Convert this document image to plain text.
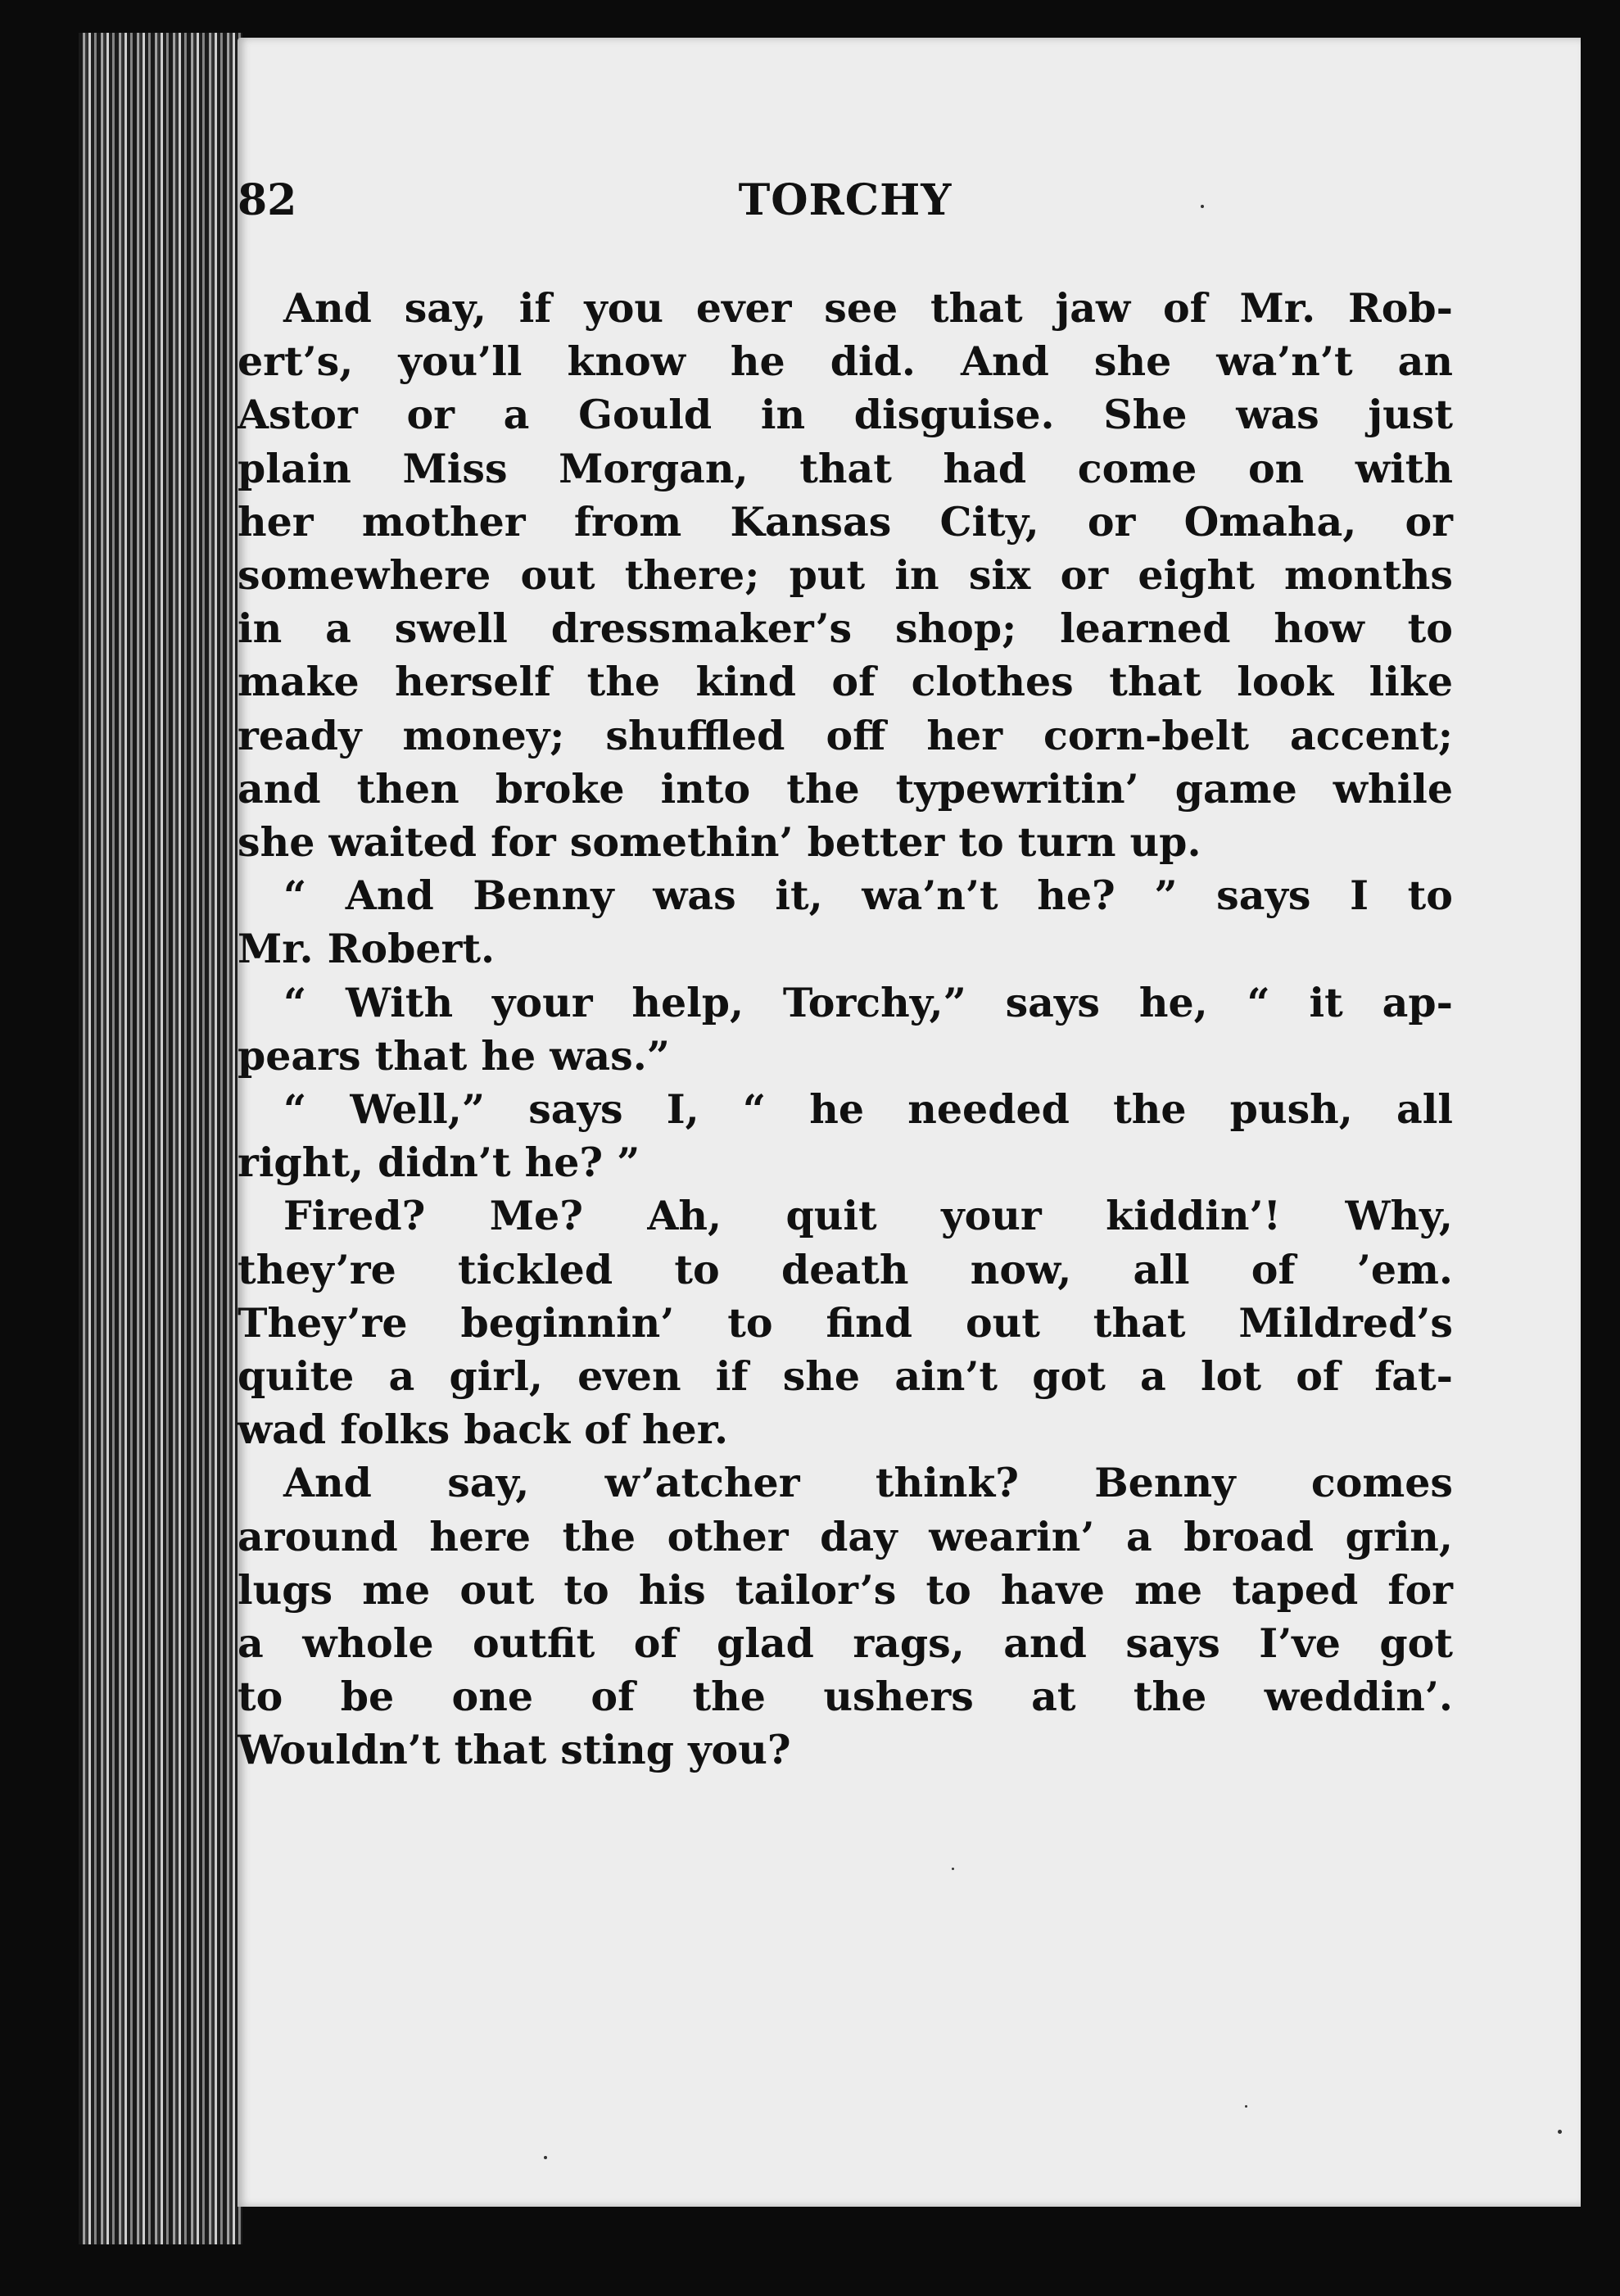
82	TORCHY

And say, if you ever see that jaw of Mr. Rob-
ert’s, you’ll know he did. And she wa’n’t an
Astor or a Gould in disguise. She was just
plain Miss Morgan, that had come on with
her mother from Kansas City, or Omaha, or
somewhere out there; put in six or eight months
in a swell dressmaker’s shop; learned how to
make herself the kind of clothes that look like
ready money; shuffled off her corn-belt accent;
and then broke into the typewritin’ game while
she waited for somethin’ better to turn up.

“ And Benny was it, wa’n’t he? ” says I to
Mr. Robert.

“ With your help, Torchy,” says he, “ it ap-
pears that he was.”

“ Well,” says I, “ he needed the push, all
right, didn’t he? ”

Fired? Me? Ah, quit your kiddin’! Why,
they’re tickled to death now, all of ’em.
They’re beginnin’ to find out that Mildred’s
quite a girl, even if she ain’t got a lot of fat-
wad folks back of her.

And say, w’atcher think? Benny comes
around here the other day wearin’ a broad grin,
lugs me out to his tailor’s to have me taped for
a whole outfit of glad rags, and says I’ve got
to be one of the ushers at the weddin’.
Wouldn’t that sting you?
